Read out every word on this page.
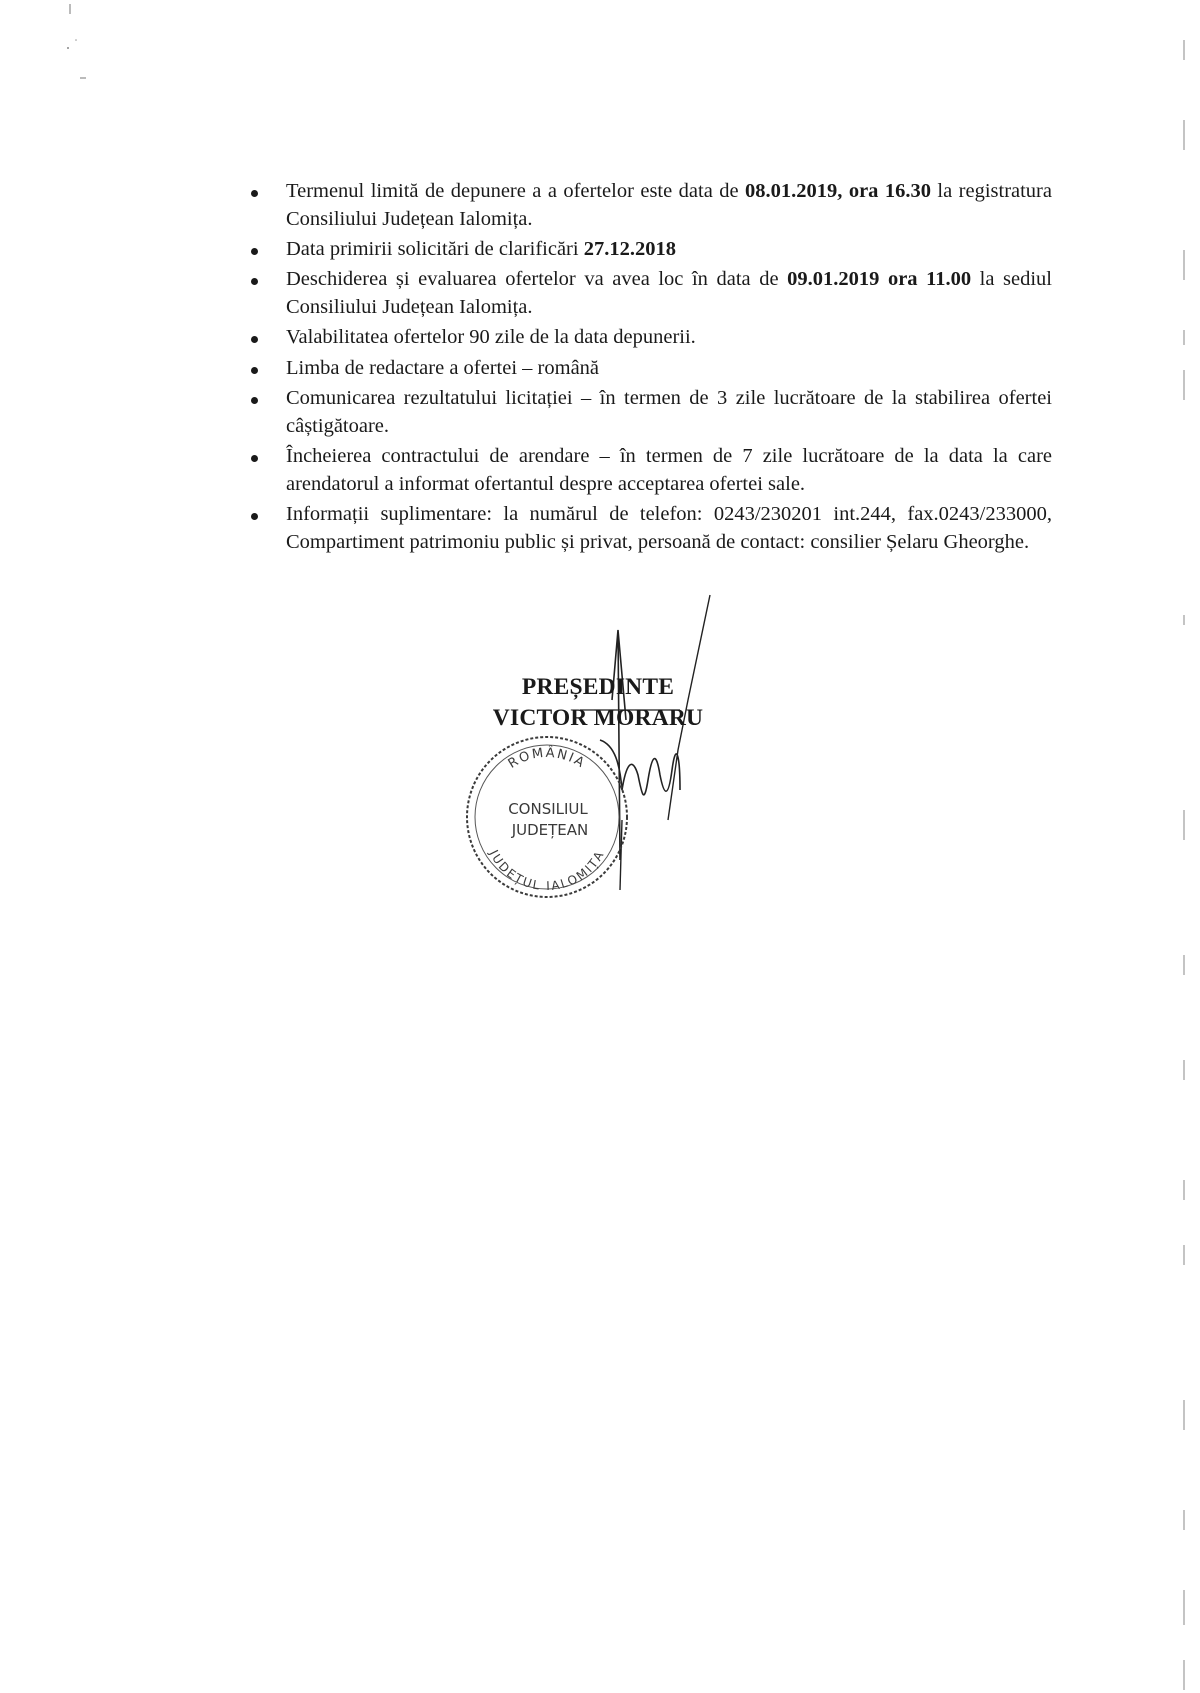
Termenul limită de depunere a a ofertelor este data de 08.01.2019, ora 16.30 la registratura Consiliului Județean Ialomița.
Data primirii solicitări de clarificări 27.12.2018
Deschiderea și evaluarea ofertelor va avea loc în data de 09.01.2019 ora 11.00 la sediul Consiliului Județean Ialomița.
Valabilitatea ofertelor 90 zile de la data depunerii.
Limba de redactare a ofertei – română
Comunicarea rezultatului licitației – în termen de 3 zile lucrătoare de la stabilirea ofertei câștigătoare.
Încheierea contractului de arendare – în termen de 7 zile lucrătoare de la data la care arendatorul a informat ofertantul despre acceptarea ofertei sale.
Informații suplimentare: la numărul de telefon: 0243/230201 int.244, fax.0243/233000, Compartiment patrimoniu public și privat, persoană de contact: consilier Șelaru Gheorghe.
ROMÂNIA
CONSILIUL
JUDEȚEAN
JUDEȚUL IALOMIȚA
PREȘEDINTE
VICTOR MORARU
